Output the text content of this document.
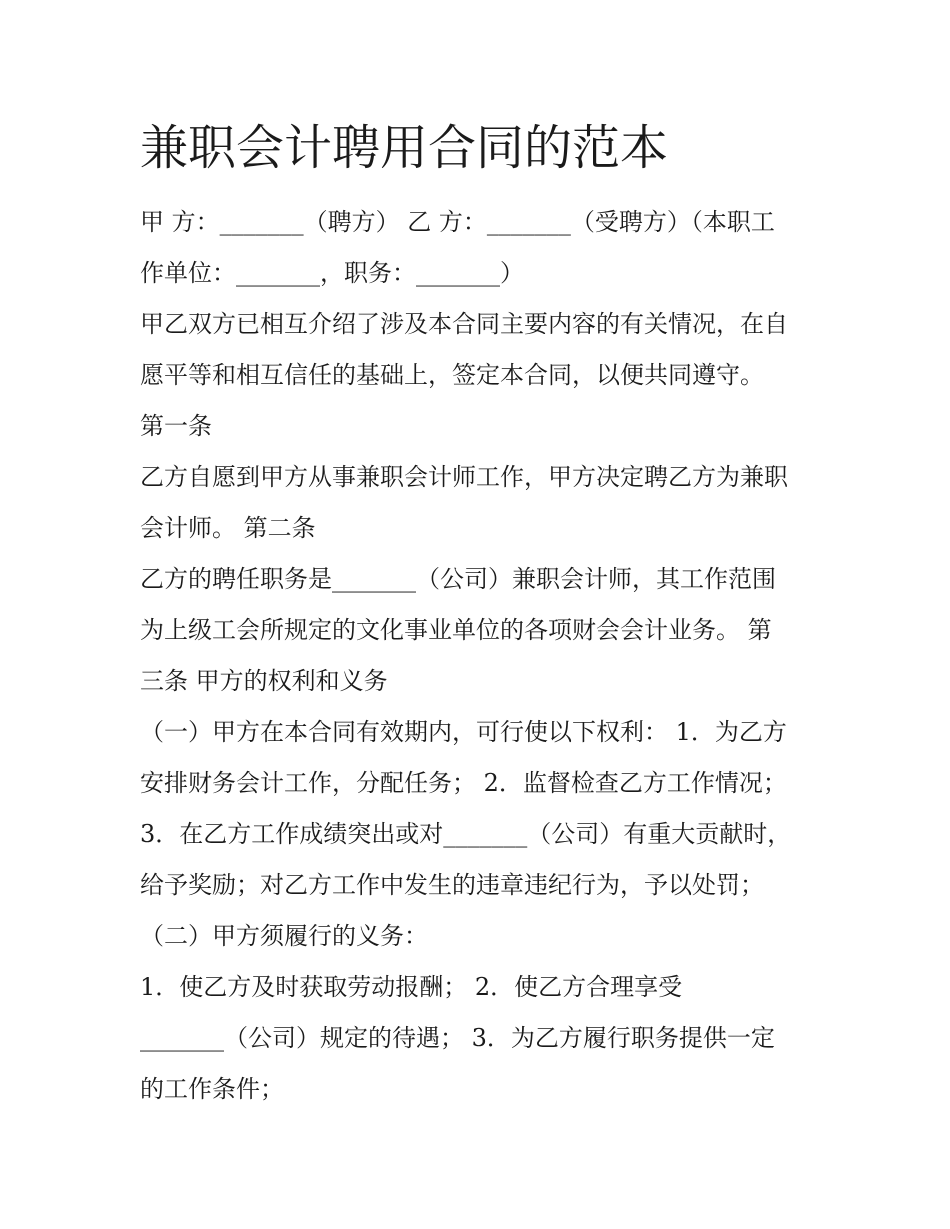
兼职会计聘用合同的范本

甲 方：_______（聘方） 乙 方：_______（受聘方）（本职工

作单位：_______，职务：_______）

甲乙双方已相互介绍了涉及本合同主要内容的有关情况，在自

愿平等和相互信任的基础上，签定本合同，以便共同遵守。

第一条

乙方自愿到甲方从事兼职会计师工作，甲方决定聘乙方为兼职

会计师。 第二条

乙方的聘任职务是_______（公司）兼职会计师，其工作范围

为上级工会所规定的文化事业单位的各项财会会计业务。 第

三条 甲方的权利和义务

（一）甲方在本合同有效期内，可行使以下权利： 1．为乙方

安排财务会计工作，分配任务； 2．监督检查乙方工作情况；

3．在乙方工作成绩突出或对_______（公司）有重大贡献时，

给予奖励；对乙方工作中发生的违章违纪行为，予以处罚；

（二）甲方须履行的义务：

1．使乙方及时获取劳动报酬； 2．使乙方合理享受

_______（公司）规定的待遇； 3．为乙方履行职务提供一定

的工作条件；
